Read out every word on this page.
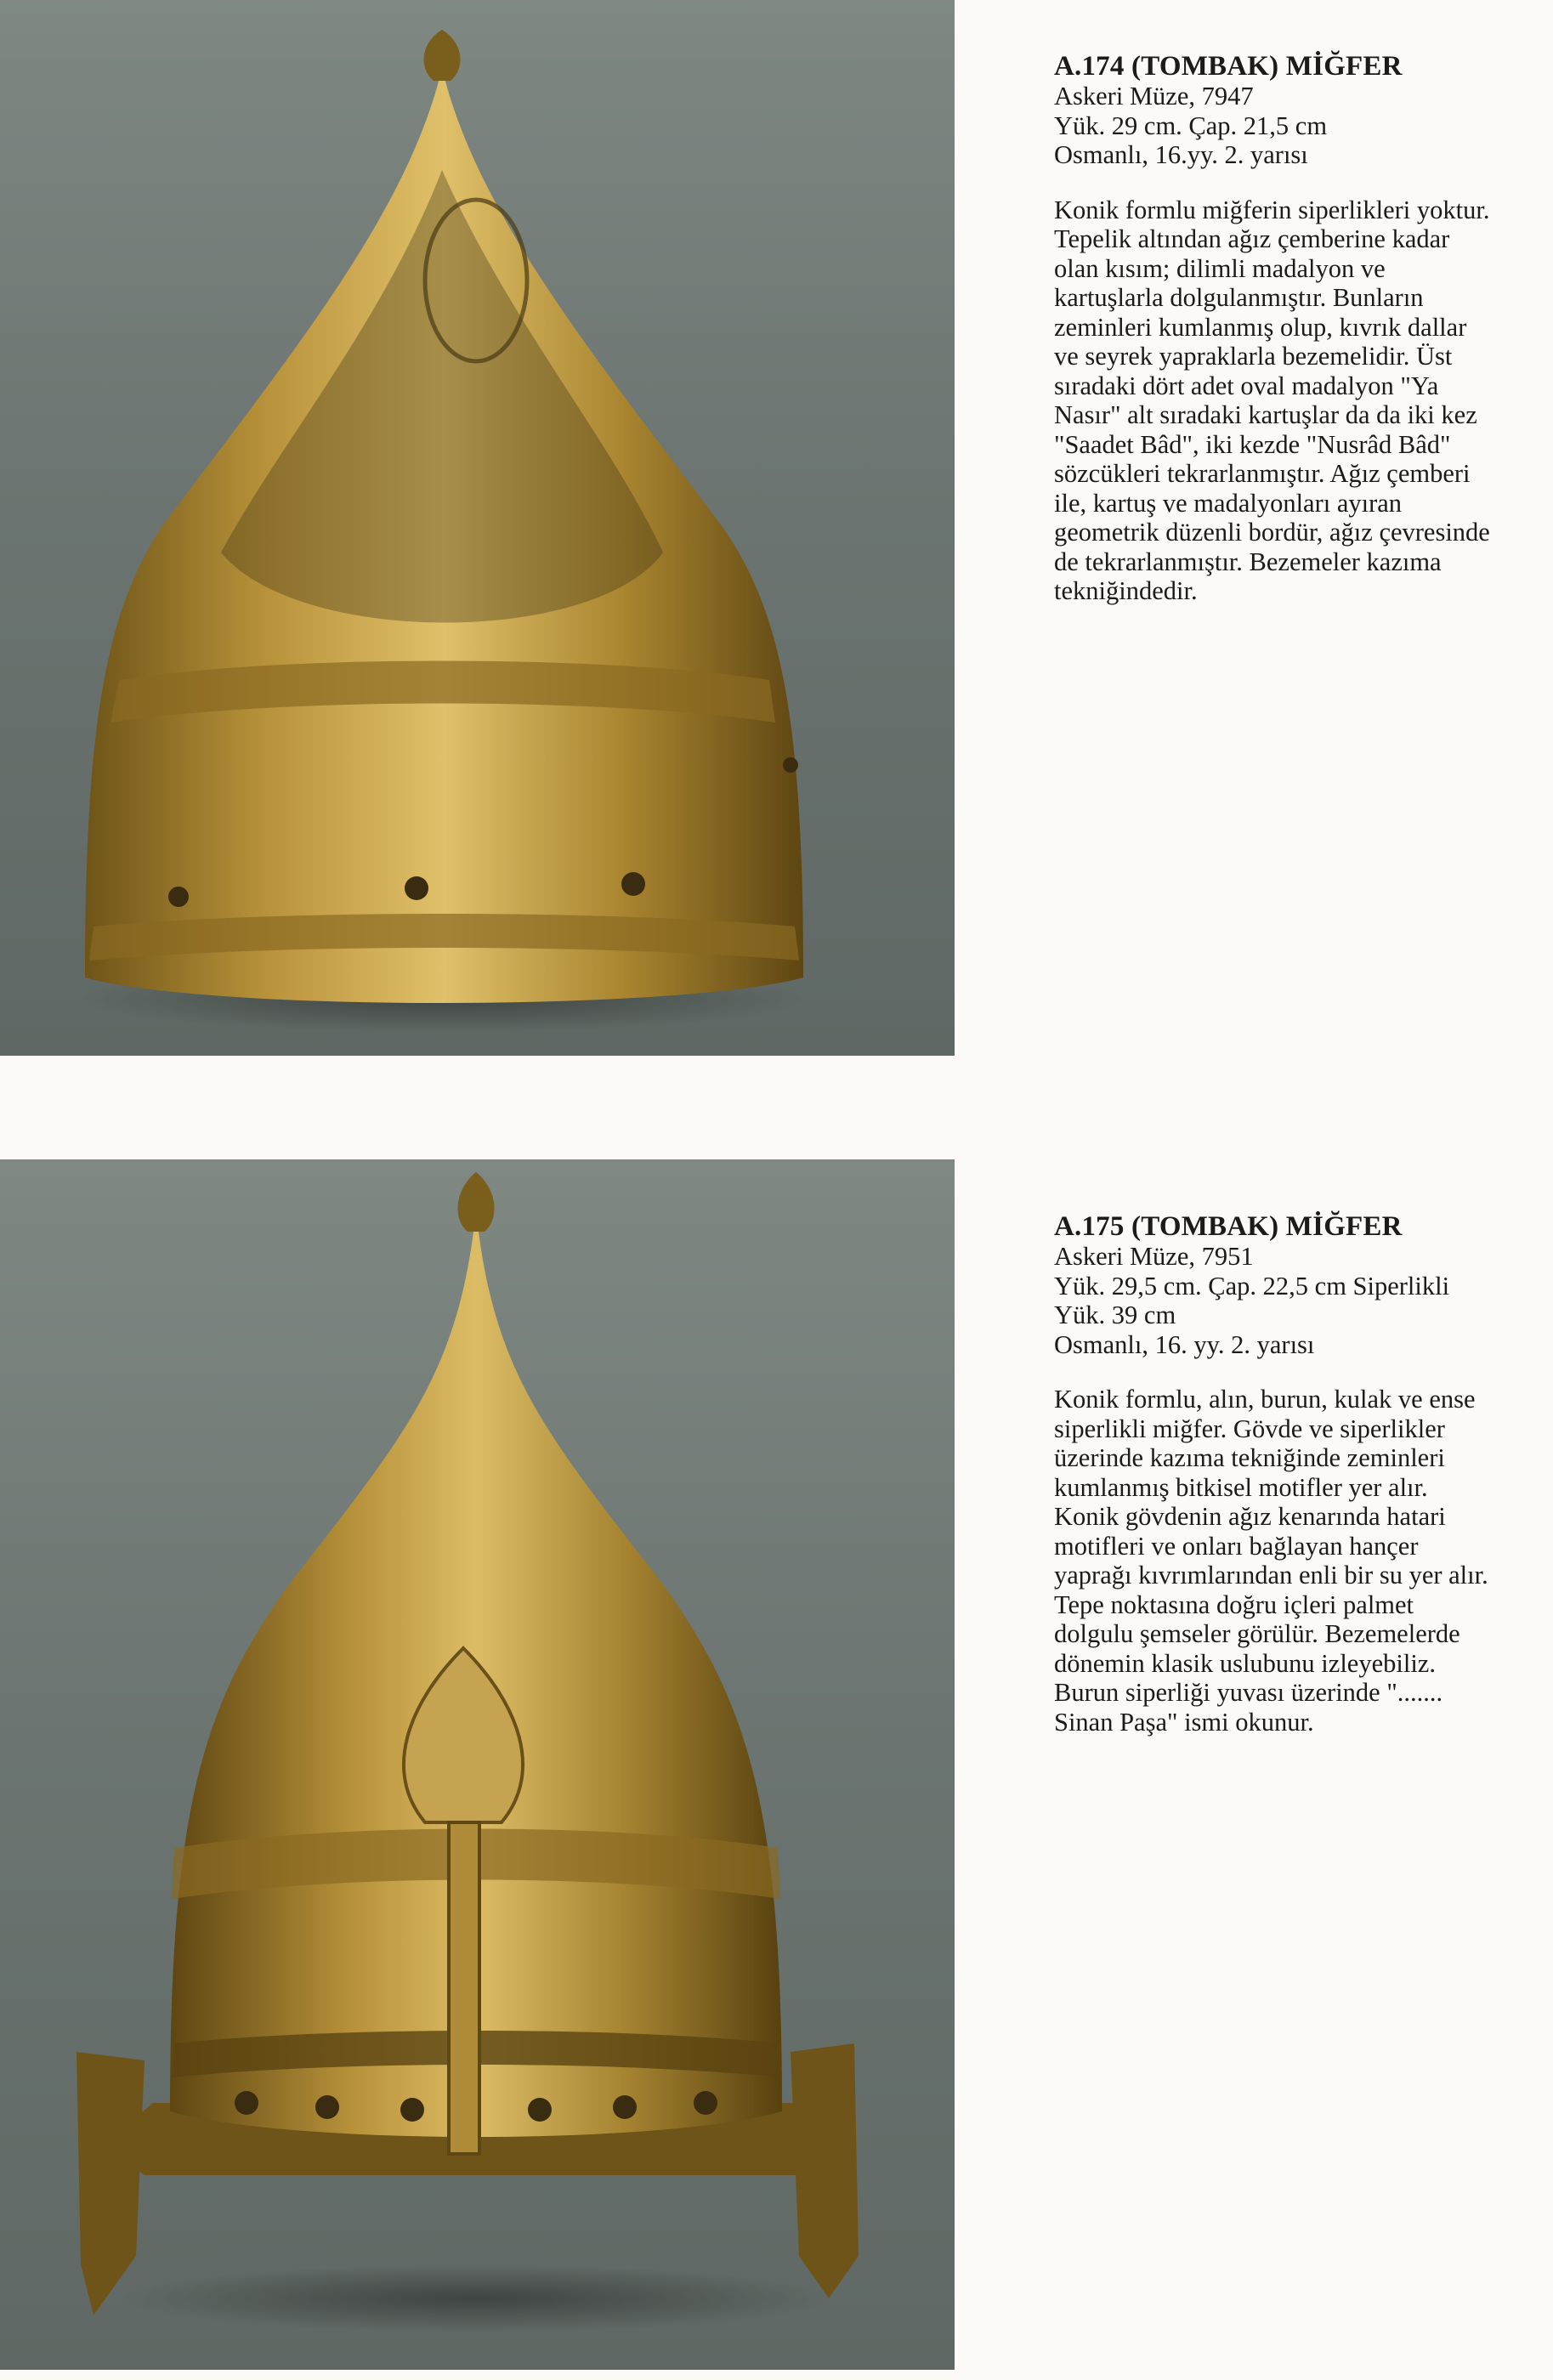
A.174 (TOMBAK) MİĞFER
Askeri Müze, 7947
Yük. 29 cm. Çap. 21,5 cm
Osmanlı, 16.yy. 2. yarısı
Konik formlu miğferin siperlikleri yoktur.
Tepelik altından ağız çemberine kadar
olan kısım; dilimli madalyon ve
kartuşlarla dolgulanmıştır. Bunların
zeminleri kumlanmış olup, kıvrık dallar
ve seyrek yapraklarla bezemelidir. Üst
sıradaki dört adet oval madalyon "Ya
Nasır" alt sıradaki kartuşlar da da iki kez
"Saadet Bâd", iki kezde "Nusrâd Bâd"
sözcükleri tekrarlanmıştır. Ağız çemberi
ile, kartuş ve madalyonları ayıran
geometrik düzenli bordür, ağız çevresinde
de tekrarlanmıştır. Bezemeler kazıma
tekniğindedir.
A.175 (TOMBAK) MİĞFER
Askeri Müze, 7951
Yük. 29,5 cm. Çap. 22,5 cm Siperlikli
Yük. 39 cm
Osmanlı, 16. yy. 2. yarısı
Konik formlu, alın, burun, kulak ve ense
siperlikli miğfer. Gövde ve siperlikler
üzerinde kazıma tekniğinde zeminleri
kumlanmış bitkisel motifler yer alır.
Konik gövdenin ağız kenarında hatari
motifleri ve onları bağlayan hançer
yaprağı kıvrımlarından enli bir su yer alır.
Tepe noktasına doğru içleri palmet
dolgulu şemseler görülür. Bezemelerde
dönemin klasik uslubunu izleyebiliz.
Burun siperliği yuvası üzerinde ".......
Sinan Paşa" ismi okunur.
